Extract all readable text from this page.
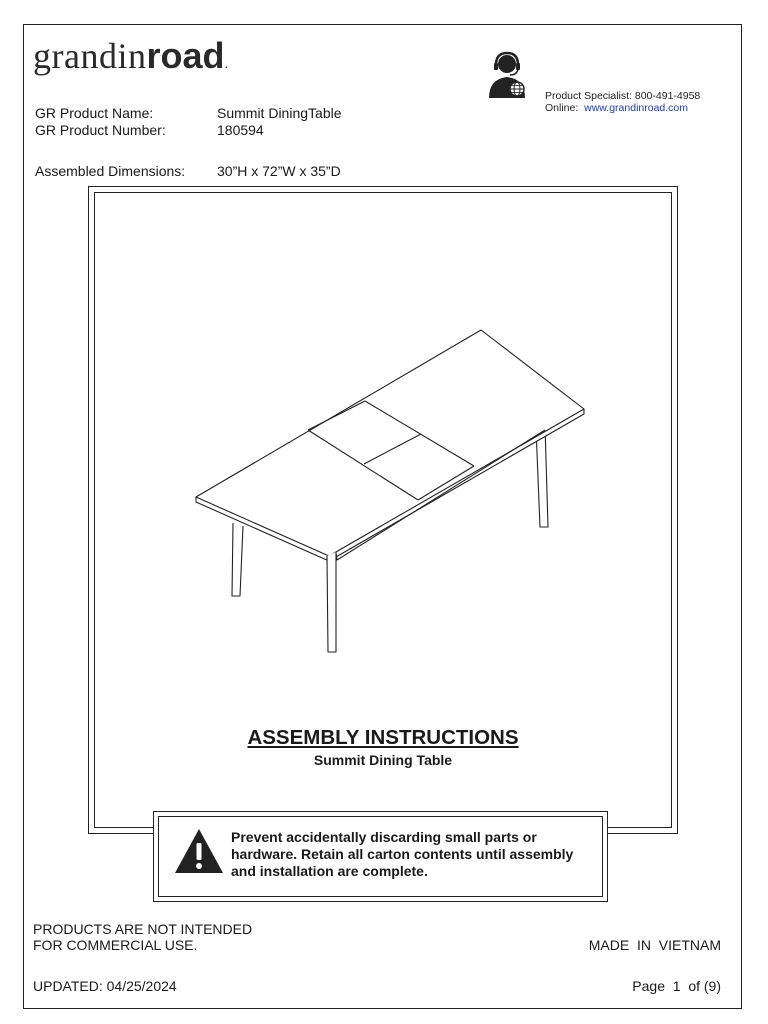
grandinroad.
GR Product Name:	Summit DiningTable
GR Product Number:	180594
Assembled Dimensions: 30”H x 72”W x 35”D
Product Specialist: 800-491-4958
Online: www.grandinroad.com
ASSEMBLY INSTRUCTIONS
Summit Dining Table
Prevent accidentally discarding small parts or
hardware. Retain all carton contents until assembly
and installation are complete.
PRODUCTS ARE NOT INTENDED
FOR COMMERCIAL USE.	MADE  IN  VIETNAM
UPDATED: 04/25/2024	Page  1  of (9)
